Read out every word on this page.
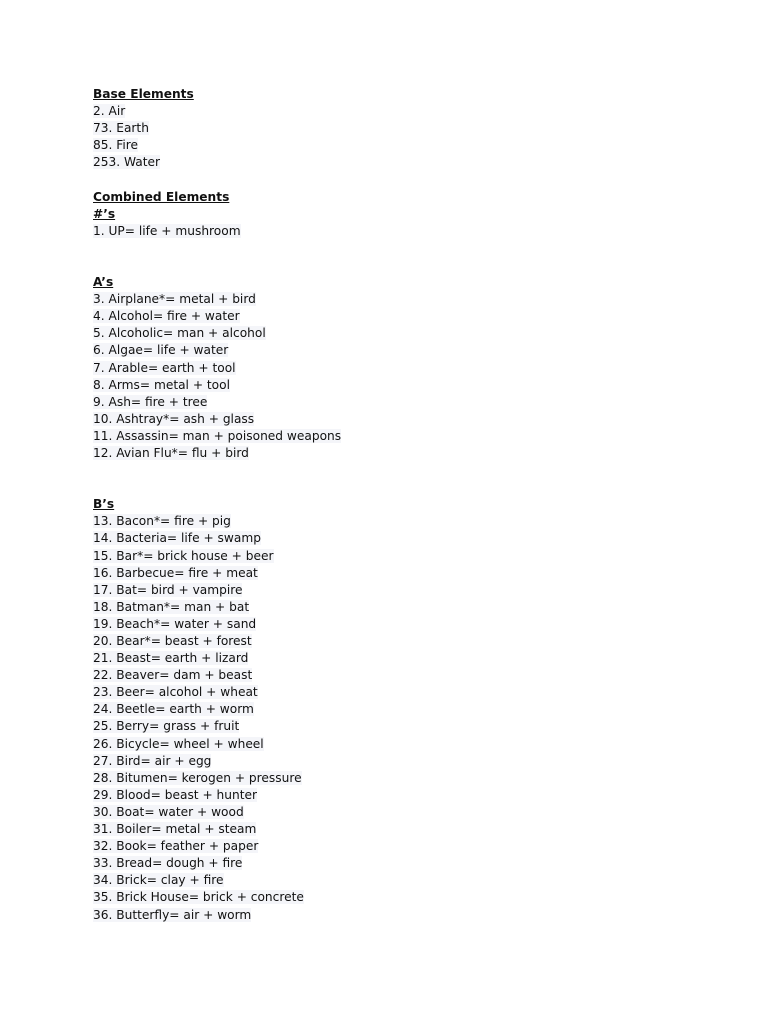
Base Elements
2. Air
73. Earth
85. Fire
253. Water
Combined Elements
#’s
1. UP= life + mushroom
A’s
3. Airplane*= metal + bird
4. Alcohol= fire + water
5. Alcoholic= man + alcohol
6. Algae= life + water
7. Arable= earth + tool
8. Arms= metal + tool
9. Ash= fire + tree
10. Ashtray*= ash + glass
11. Assassin= man + poisoned weapons
12. Avian Flu*= flu + bird
B’s
13. Bacon*= fire + pig
14. Bacteria= life + swamp
15. Bar*= brick house + beer
16. Barbecue= fire + meat
17. Bat= bird + vampire
18. Batman*= man + bat
19. Beach*= water + sand
20. Bear*= beast + forest
21. Beast= earth + lizard
22. Beaver= dam + beast
23. Beer= alcohol + wheat
24. Beetle= earth + worm
25. Berry= grass + fruit
26. Bicycle= wheel + wheel
27. Bird= air + egg
28. Bitumen= kerogen + pressure
29. Blood= beast + hunter
30. Boat= water + wood
31. Boiler= metal + steam
32. Book= feather + paper
33. Bread= dough + fire
34. Brick= clay + fire
35. Brick House= brick + concrete
36. Butterfly= air + worm
